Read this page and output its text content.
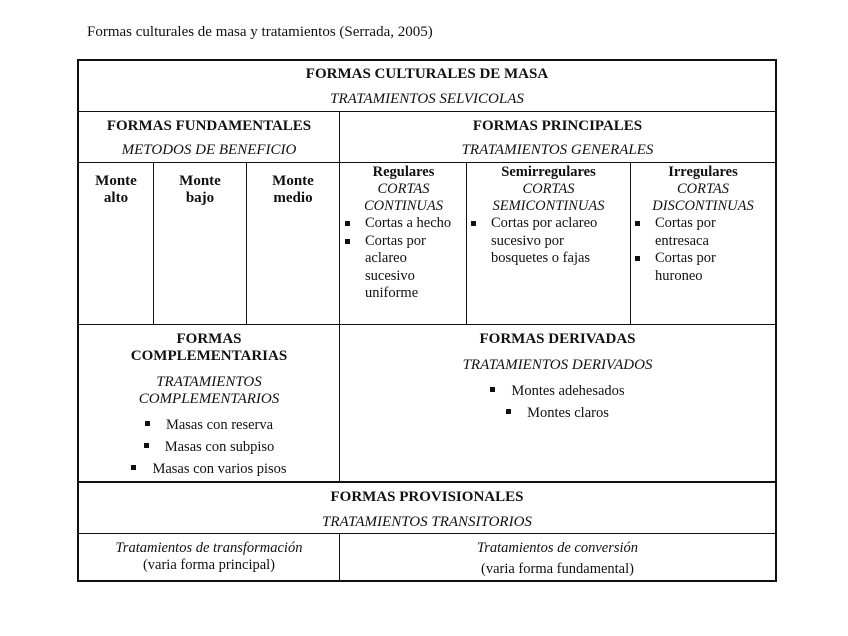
Formas culturales de masa y tratamientos (Serrada, 2005)
FORMAS CULTURALES DE MASA
TRATAMIENTOS SELVICOLAS
FORMAS FUNDAMENTALES
METODOS DE BENEFICIO
Monte
alto
Monte
bajo
Monte
medio
FORMAS PRINCIPALES
TRATAMIENTOS GENERALES
Regulares
CORTAS
CONTINUAS
Cortas a hecho
Cortas por aclareo sucesivo uniforme
Semirregulares
CORTAS
SEMICONTINUAS
Cortas por aclareo sucesivo por bosquetes o fajas
Irregulares
CORTAS
DISCONTINUAS
Cortas por entresaca
Cortas por huroneo
FORMAS
COMPLEMENTARIAS
TRATAMIENTOS
COMPLEMENTARIOS
Masas con reserva
Masas con subpiso
Masas con varios pisos
FORMAS DERIVADAS
TRATAMIENTOS DERIVADOS
Montes adehesados
Montes claros
FORMAS PROVISIONALES
TRATAMIENTOS TRANSITORIOS
Tratamientos de transformación
(varia forma principal)
Tratamientos de conversión
(varia forma fundamental)
